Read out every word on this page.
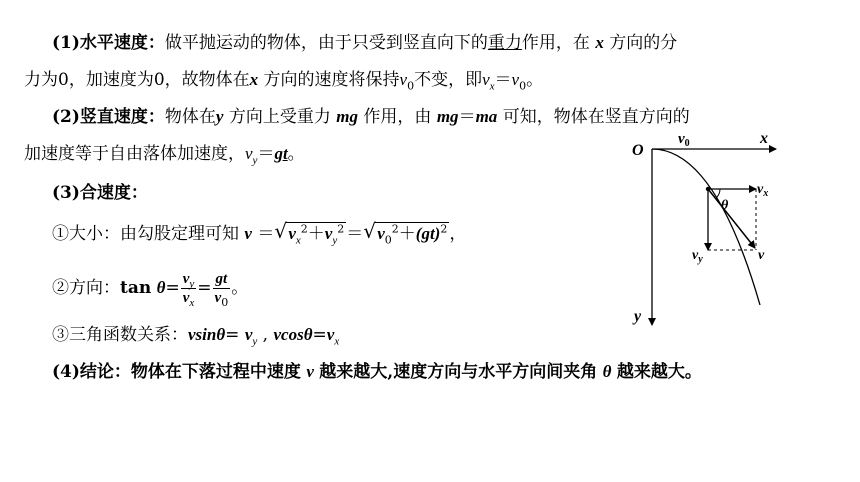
(1)水平速度：做平抛运动的物体，由于只受到竖直向下的重力作用，在 x 方向的分
力为0，加速度为0，故物体在x 方向的速度将保持$v_0$不变，即$v_x=v_0$。
(2)竖直速度：物体在y 方向上受重力 mg 作用，由 mg＝ma 可知，物体在竖直方向的
加速度等于自由落体加速度，$v_y=gt$。
(3)合速度：
①大小：由勾股定理可知 v ＝ √ $v_x^2+v_y^2$ ＝ √ $v_0^2+(gt)^2$ ，
②方向：$\tan \theta= \frac{v_y}{v_x} = \frac{gt}{v_0}$ 。
③三角函数关系：$vsin\theta= v_y$ , $vcos\theta=v_x$
(4)结论：物体在下落过程中速度 v 越来越大,速度方向与水平方向间夹角 θ 越来越大。
O
$v_0$	x
y
θ
$v_x$
$v_y$	v
